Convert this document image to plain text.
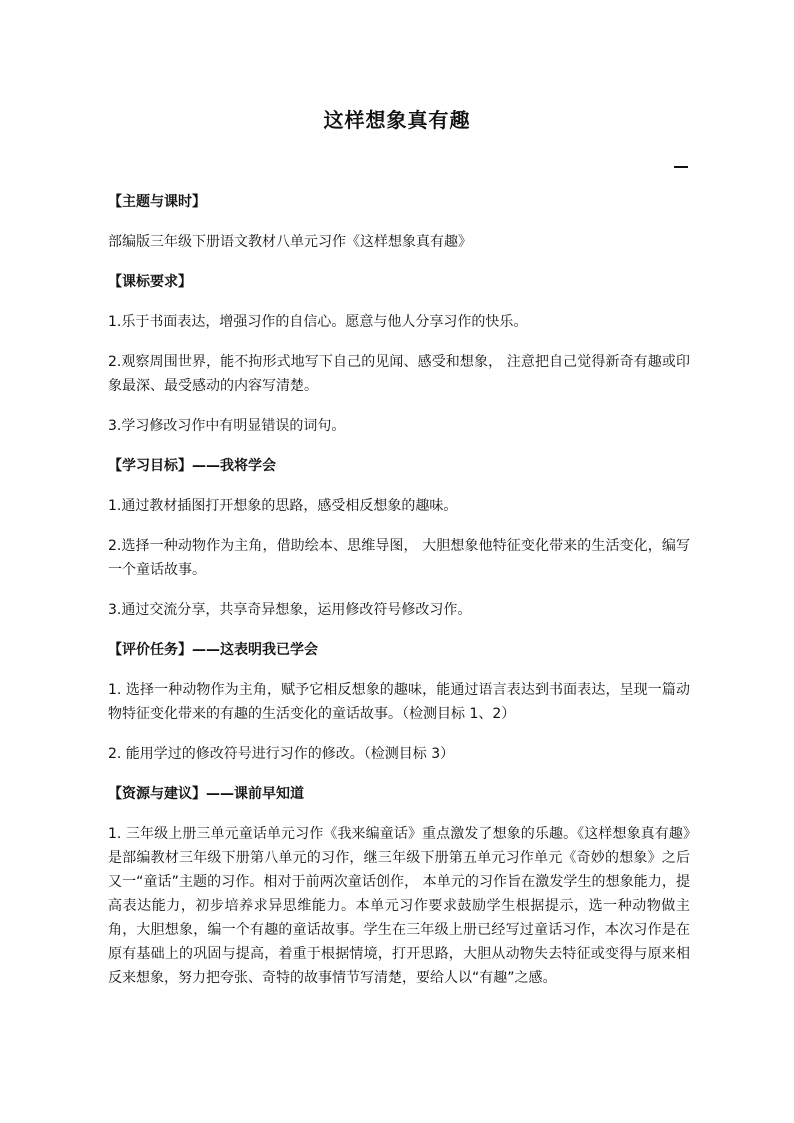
这样想象真有趣
【主题与课时】

部编版三年级下册语文教材八单元习作《这样想象真有趣》

【课标要求】

1.乐于书面表达，增强习作的自信心。愿意与他人分享习作的快乐。

2.观察周围世界，能不拘形式地写下自己的见闻、感受和想象， 注意把自己觉得新奇有趣或印象最深、最受感动的内容写清楚。

3.学习修改习作中有明显错误的词句。

【学习目标】——我将学会

1.通过教材插图打开想象的思路，感受相反想象的趣味。

2.选择一种动物作为主角，借助绘本、思维导图， 大胆想象他特征变化带来的生活变化，编写一个童话故事。

3.通过交流分享，共享奇异想象，运用修改符号修改习作。

【评价任务】——这表明我已学会

1. 选择一种动物作为主角，赋予它相反想象的趣味，能通过语言表达到书面表达，呈现一篇动物特征变化带来的有趣的生活变化的童话故事。（检测目标 1、2）

2. 能用学过的修改符号进行习作的修改。（检测目标 3）

【资源与建议】——课前早知道

1. 三年级上册三单元童话单元习作《我来编童话》重点激发了想象的乐趣。《这样想象真有趣》是部编教材三年级下册第八单元的习作，继三年级下册第五单元习作单元《奇妙的想象》之后又一“童话”主题的习作。相对于前两次童话创作， 本单元的习作旨在激发学生的想象能力，提高表达能力，初步培养求异思维能力。本单元习作要求鼓励学生根据提示，选一种动物做主角，大胆想象，编一个有趣的童话故事。学生在三年级上册已经写过童话习作，本次习作是在原有基础上的巩固与提高，着重于根据情境，打开思路，大胆从动物失去特征或变得与原来相反来想象，努力把夸张、奇特的故事情节写清楚，要给人以“有趣”之感。
